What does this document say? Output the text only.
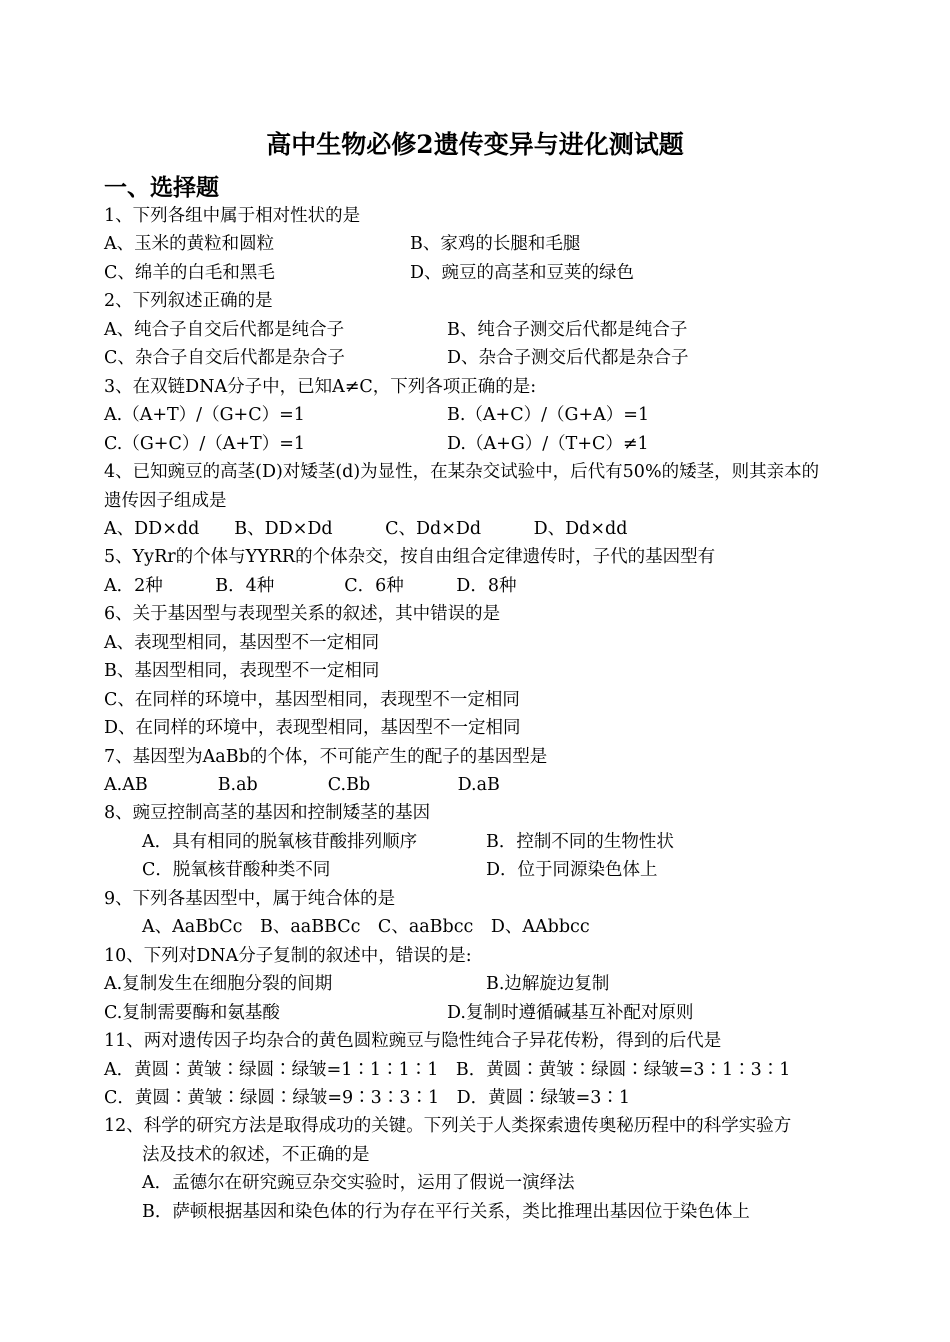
高中生物必修2遗传变异与进化测试题
一、选择题
1、下列各组中属于相对性状的是
A、玉米的黄粒和圆粒	B、家鸡的长腿和毛腿
C、绵羊的白毛和黑毛	D、豌豆的高茎和豆荚的绿色
2、下列叙述正确的是
A、纯合子自交后代都是纯合子	B、纯合子测交后代都是纯合子
C、杂合子自交后代都是杂合子	D、杂合子测交后代都是杂合子
3、在双链DNA分子中，已知A≠C，下列各项正确的是:
A.（A+T）/（G+C）=1	B.（A+C）/（G+A）=1
C.（G+C）/（A+T）=1	D.（A+G）/（T+C）≠1
4、已知豌豆的高茎(D)对矮茎(d)为显性，在某杂交试验中，后代有50%的矮茎，则其亲本的
遗传因子组成是
A、DD×dd　　B、DD×Dd　　　C、Dd×Dd　　　D、Dd×dd
5、YyRr的个体与YYRR的个体杂交，按自由组合定律遗传时，子代的基因型有
A．2种　　　B．4种　　　　C．6种　　　D．8种
6、关于基因型与表现型关系的叙述，其中错误的是
A、表现型相同，基因型不一定相同
B、基因型相同，表现型不一定相同
C、在同样的环境中，基因型相同，表现型不一定相同
D、在同样的环境中，表现型相同，基因型不一定相同
7、基因型为AaBb的个体，不可能产生的配子的基因型是
A.AB　　　　B.ab　　　　C.Bb　　　　　D.aB
8、豌豆控制高茎的基因和控制矮茎的基因
A．具有相同的脱氧核苷酸排列顺序	B．控制不同的生物性状
C．脱氧核苷酸种类不同	D．位于同源染色体上
9、下列各基因型中，属于纯合体的是
A、AaBbCc　B、aaBBCc　C、aaBbcc　D、AAbbcc
10、下列对DNA分子复制的叙述中，错误的是:
A.复制发生在细胞分裂的间期	B.边解旋边复制
C.复制需要酶和氨基酸	D.复制时遵循碱基互补配对原则
11、两对遗传因子均杂合的黄色圆粒豌豆与隐性纯合子异花传粉，得到的后代是
A．黄圆∶黄皱∶绿圆∶绿皱=1∶1∶1∶1　B．黄圆∶黄皱∶绿圆∶绿皱=3∶1∶3∶1
C．黄圆∶黄皱∶绿圆∶绿皱=9∶3∶3∶1　D．黄圆∶绿皱=3∶1
12、科学的研究方法是取得成功的关键。下列关于人类探索遗传奥秘历程中的科学实验方
法及技术的叙述，不正确的是
A．孟德尔在研究豌豆杂交实验时，运用了假说一演绎法
B．萨顿根据基因和染色体的行为存在平行关系，类比推理出基因位于染色体上
